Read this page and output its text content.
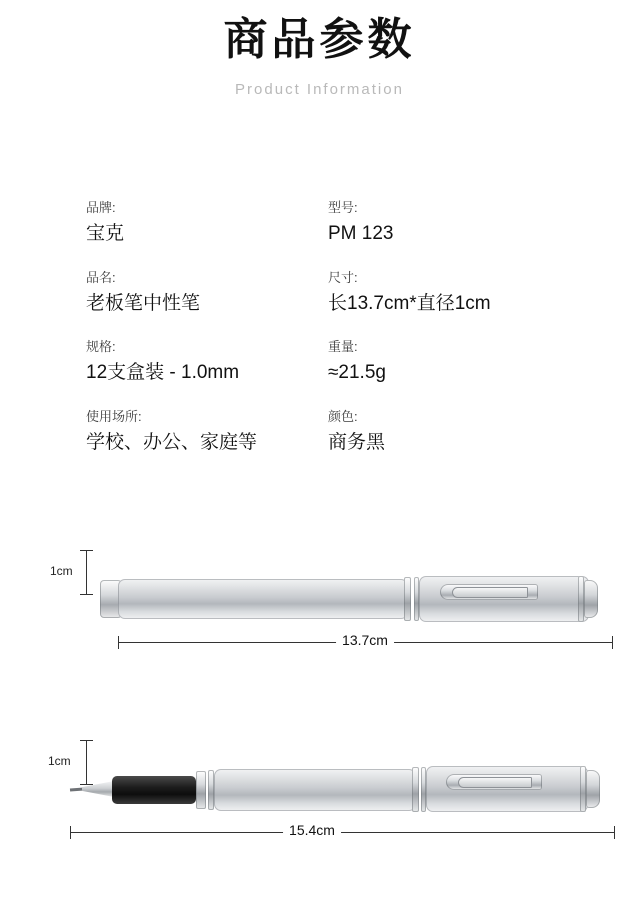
商品参数
Product Information
品牌:
宝克
型号:
PM 123
品名:
老板笔中性笔
尺寸:
长13.7cm*直径1cm
规格:
12支盒装 - 1.0mm
重量:
≈21.5g
使用场所:
学校、办公、家庭等
颜色:
商务黑
1cm
13.7cm
1cm
15.4cm
